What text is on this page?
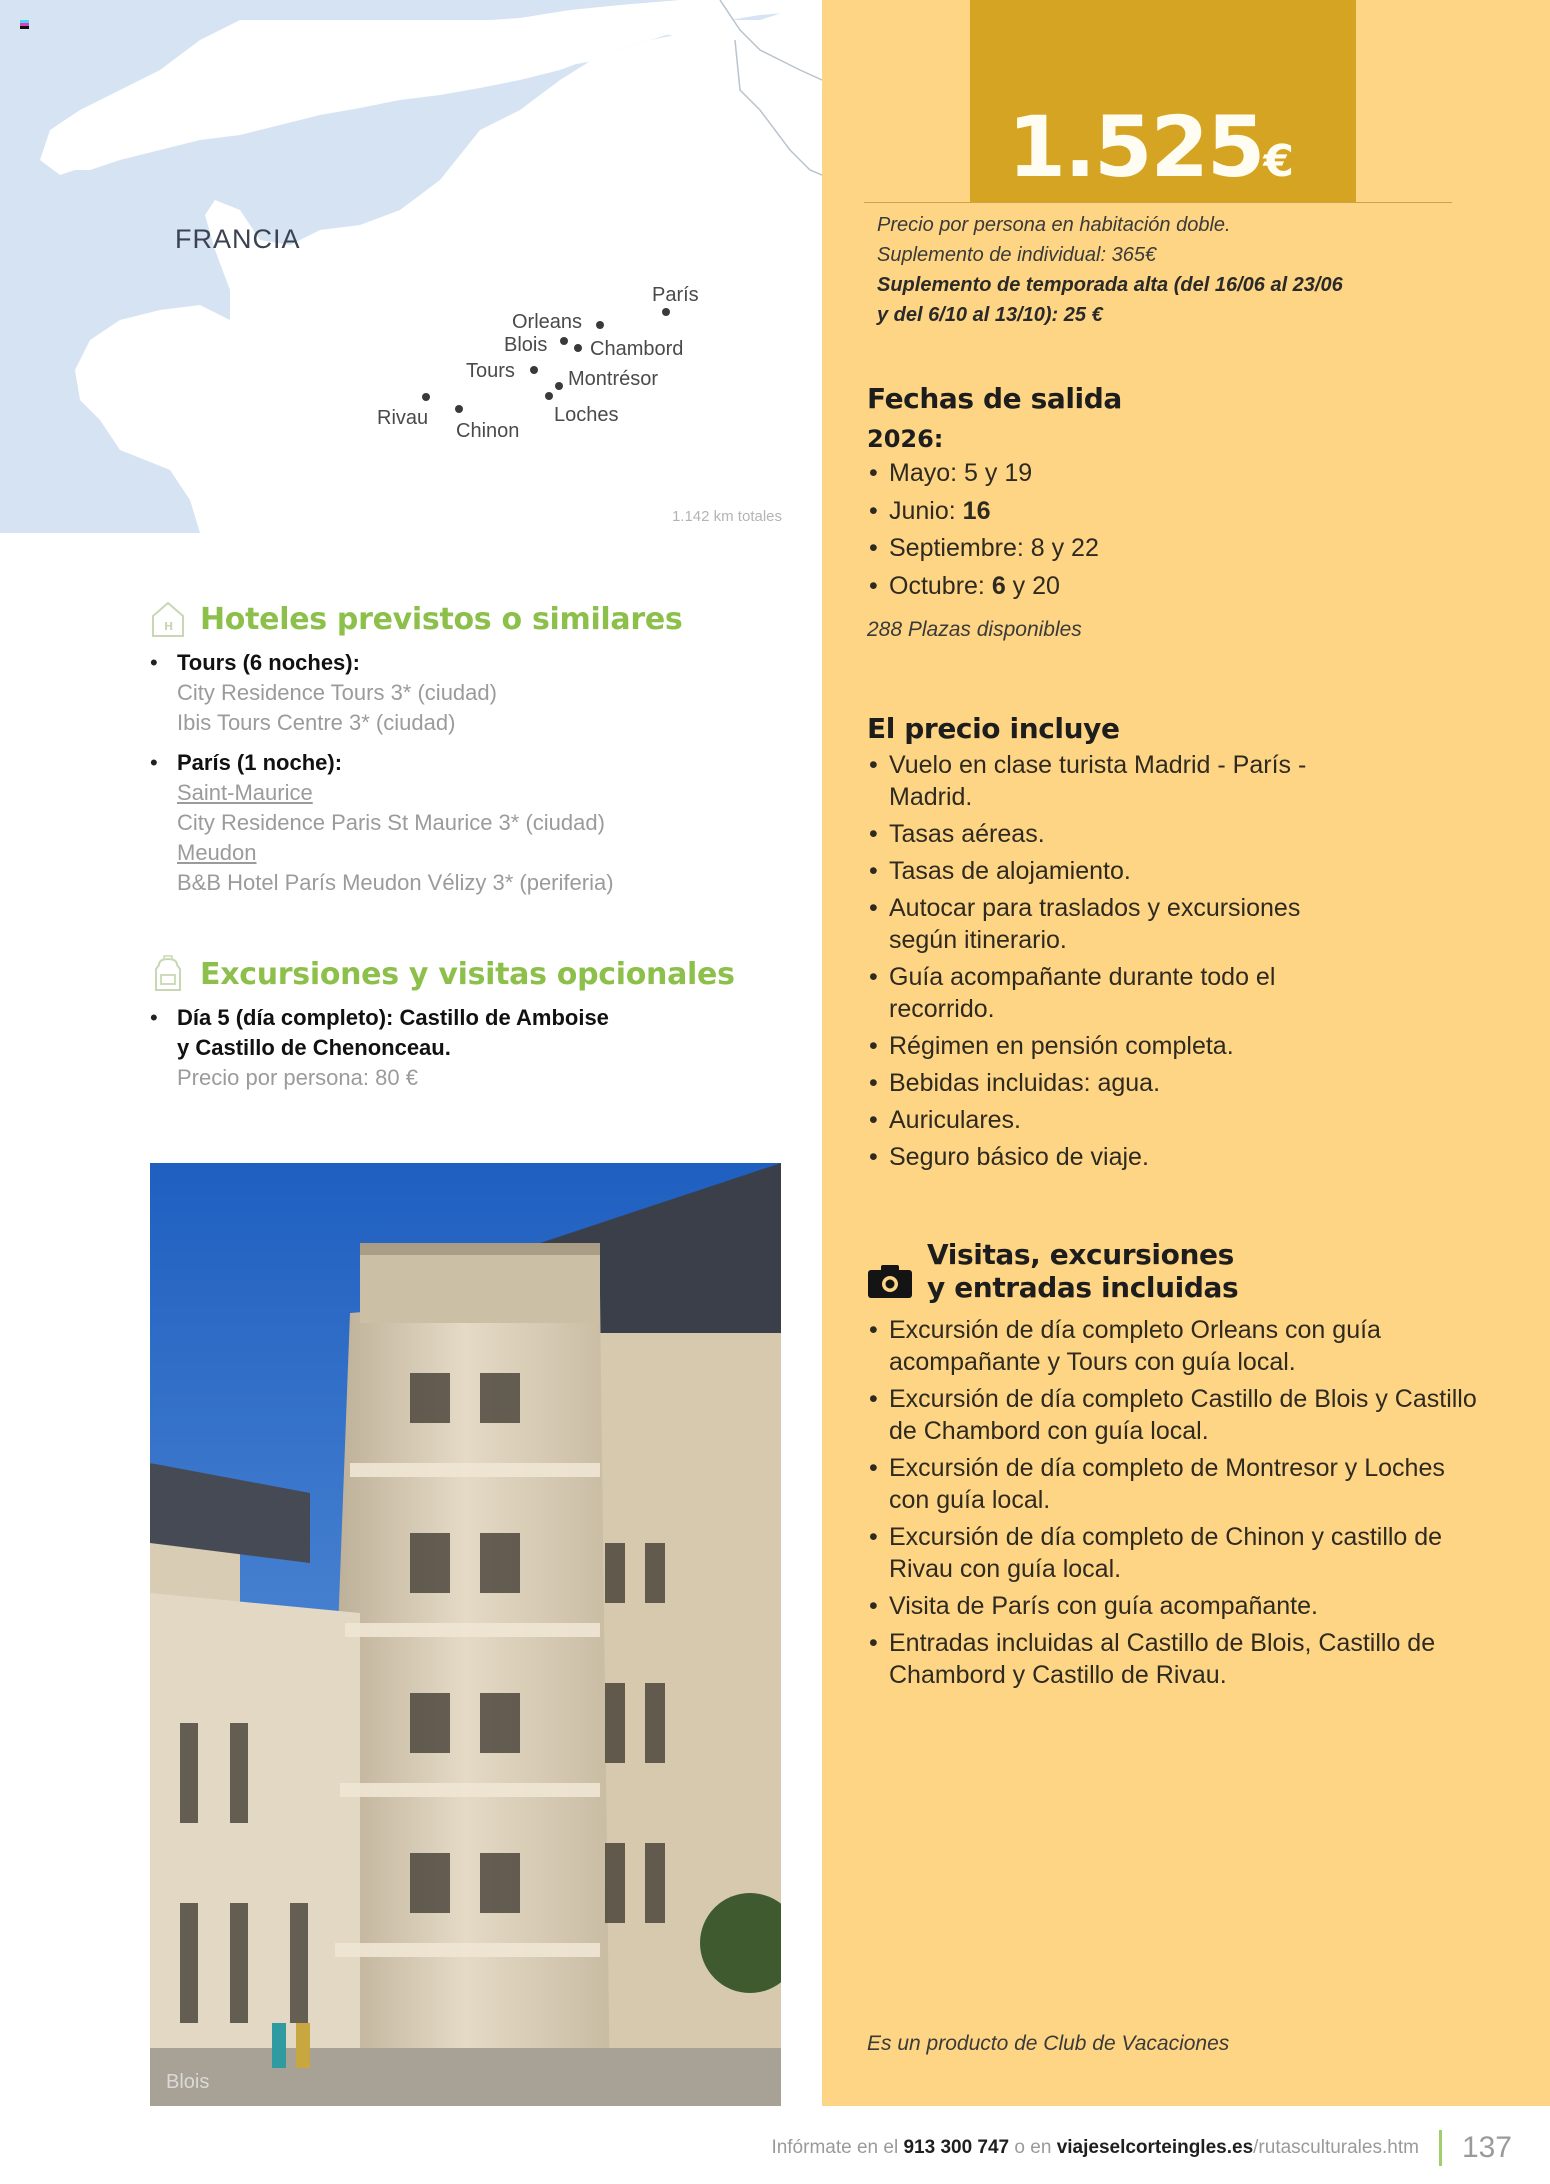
FRANCIA
París
Orleans
Blois Chambord
Tours	Montrésor
Loches
Rivau
Chinon
1.142 km totales
H Hoteles previstos o similares
• Tours (6 noches):
City Residence Tours 3* (ciudad)
Ibis Tours Centre 3* (ciudad)
• París (1 noche):
Saint-Maurice
City Residence Paris St Maurice 3* (ciudad)
Meudon
B&B Hotel París Meudon Vélizy 3* (periferia)
Excursiones y visitas opcionales
• Día 5 (día completo): Castillo de Amboise
y Castillo de Chenonceau.
Precio por persona: 80 €
Blois
1.525€
Precio por persona en habitación doble.
Suplemento de individual: 365€
Suplemento de temporada alta (del 16/06 al 23/06
y del 6/10 al 13/10): 25 €
Fechas de salida
2026:
• Mayo: 5 y 19
• Junio: 16
• Septiembre: 8 y 22
• Octubre: 6 y 20
288 Plazas disponibles
El precio incluye
• Vuelo en clase turista Madrid - París - Madrid.
• Tasas aéreas.
• Tasas de alojamiento.
• Autocar para traslados y excursiones según itinerario.
• Guía acompañante durante todo el recorrido.
• Régimen en pensión completa.
• Bebidas incluidas: agua.
• Auriculares.
• Seguro básico de viaje.
Visitas, excursiones
y entradas incluidas
• Excursión de día completo Orleans con guía acompañante y Tours con guía local.
• Excursión de día completo Castillo de Blois y Castillo de Chambord con guía local.
• Excursión de día completo de Montresor y Loches con guía local.
• Excursión de día completo de Chinon y castillo de Rivau con guía local.
• Visita de París con guía acompañante.
• Entradas incluidas al Castillo de Blois, Castillo de Chambord y Castillo de Rivau.
Es un producto de Club de Vacaciones
Infórmate en el 913 300 747 o en viajeselcorteingles.es/rutasculturales.htm 137
